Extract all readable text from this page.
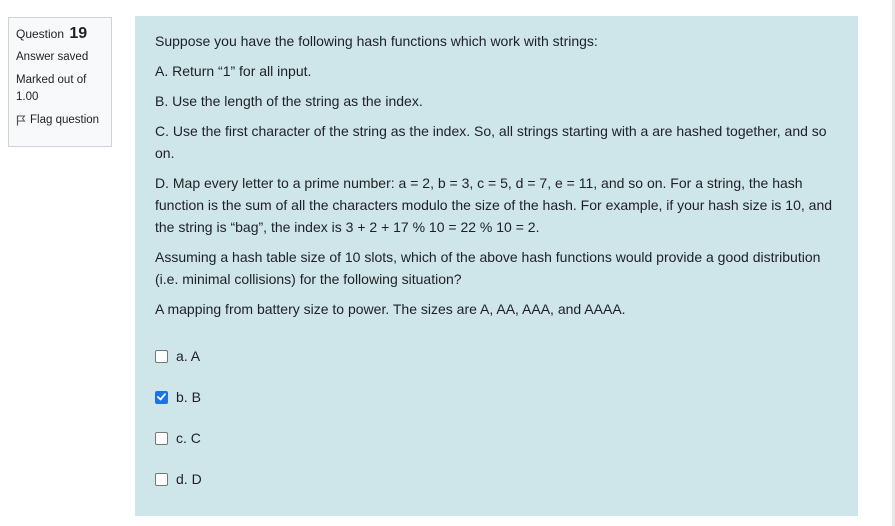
Question 19
Answer saved
Marked out of
1.00
Flag question

Suppose you have the following hash functions which work with strings:

A. Return “1” for all input.

B. Use the length of the string as the index.

C. Use the first character of the string as the index. So, all strings starting with a are hashed together, and so on.

D. Map every letter to a prime number: a = 2, b = 3, c = 5, d = 7, e = 11, and so on. For a string, the hash function is the sum of all the characters modulo the size of the hash. For example, if your hash size is 10, and the string is “bag”, the index is 3 + 2 + 17 % 10 = 22 % 10 = 2.

Assuming a hash table size of 10 slots, which of the above hash functions would provide a good distribution (i.e. minimal collisions) for the following situation?

A mapping from battery size to power. The sizes are A, AA, AAA, and AAAA.

a. A
b. B
c. C
d. D
